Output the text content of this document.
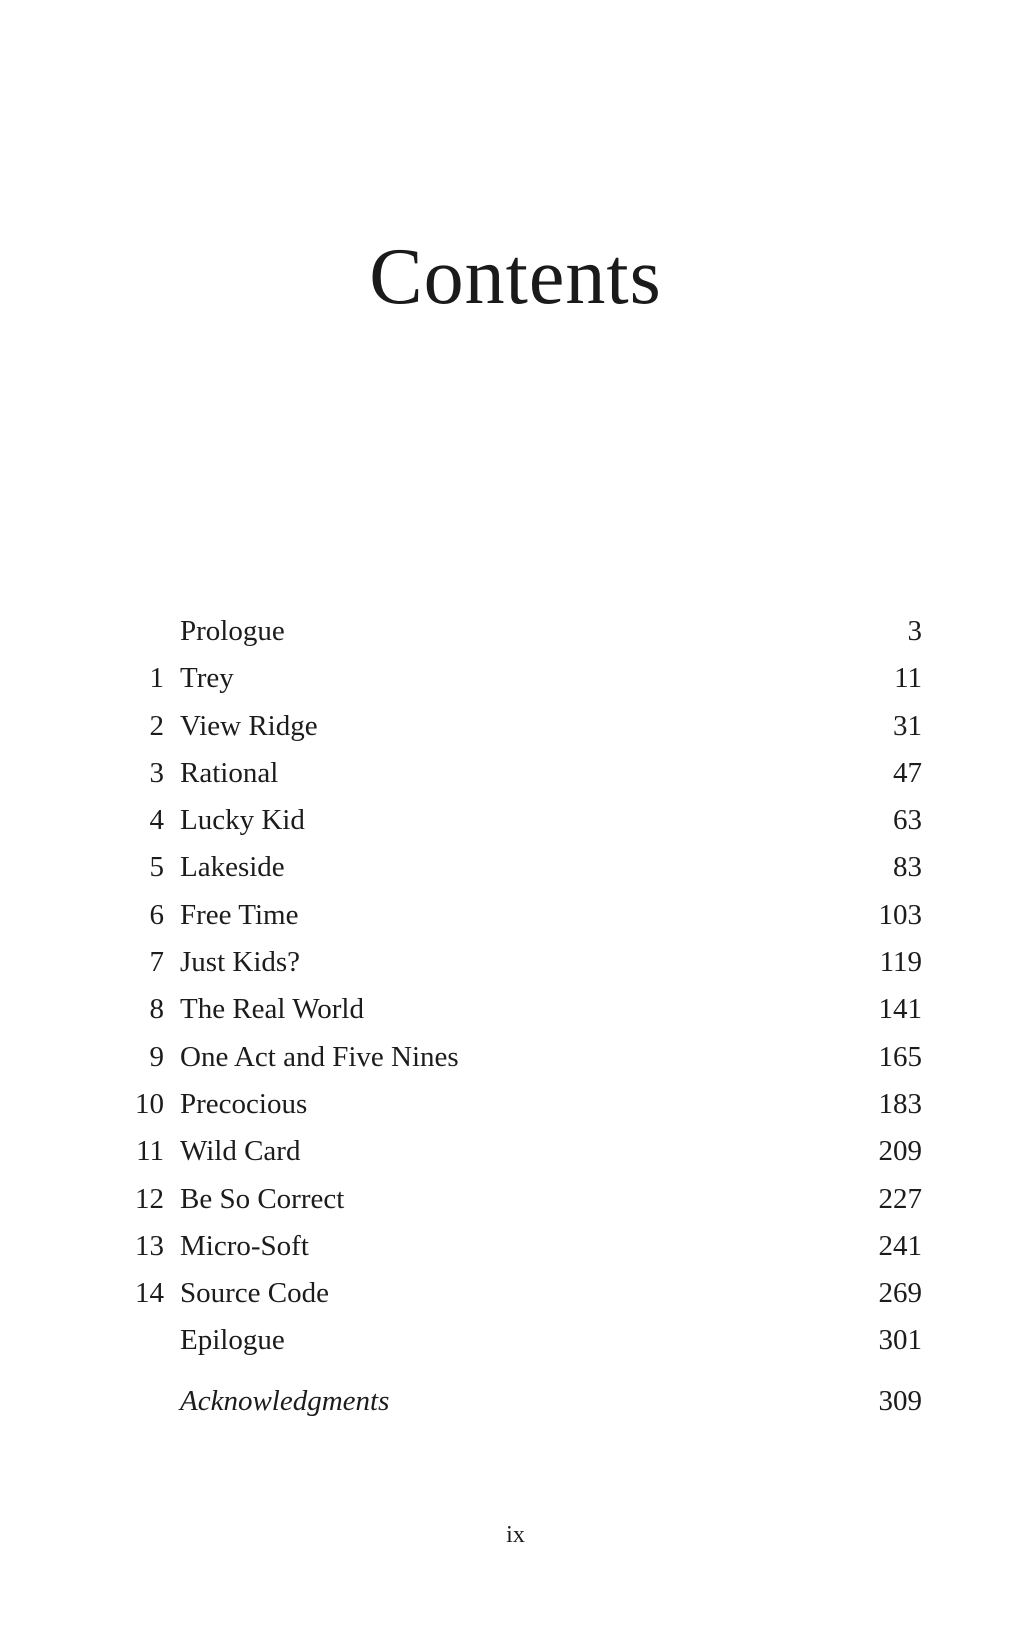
Contents
Prologue	3
1 Trey	11
2 View Ridge	31
3 Rational	47
4 Lucky Kid	63
5 Lakeside	83
6 Free Time	103
7 Just Kids?	119
8 The Real World	141
9 One Act and Five Nines	165
10 Precocious	183
11 Wild Card	209
12 Be So Correct	227
13 Micro-Soft	241
14 Source Code	269
Epilogue	301
Acknowledgments	309
ix
